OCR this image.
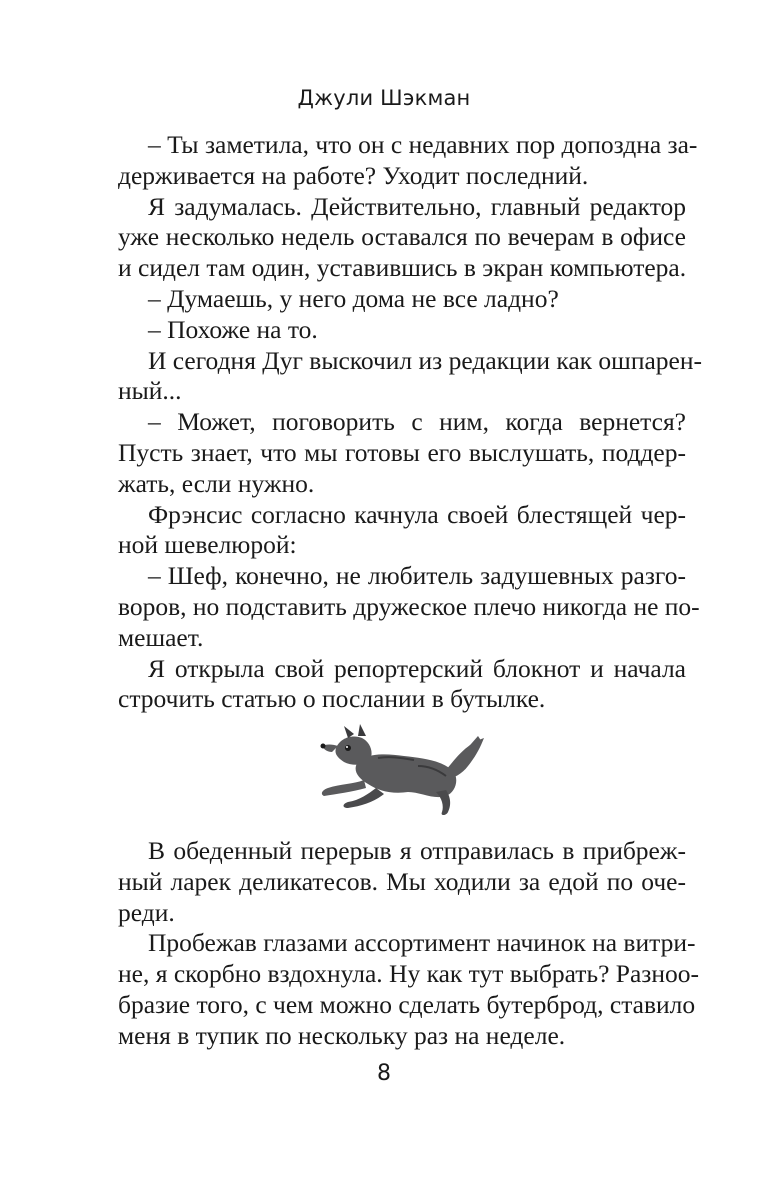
Джули Шэкман
– Ты заметила, что он с недавних пор допоздна за-
держивается на работе? Уходит последний.
Я задумалась. Действительно, главный редактор
уже несколько недель оставался по вечерам в офисе
и сидел там один, уставившись в экран компьютера.
– Думаешь, у него дома не все ладно?
– Похоже на то.
И сегодня Дуг выскочил из редакции как ошпарен-
ный...
– Может, поговорить с ним, когда вернется?
Пусть знает, что мы готовы его выслушать, поддер-
жать, если нужно.
Фрэнсис согласно качнула своей блестящей чер-
ной шевелюрой:
– Шеф, конечно, не любитель задушевных разго-
воров, но подставить дружеское плечо никогда не по-
мешает.
Я открыла свой репортерский блокнот и начала
строчить статью о послании в бутылке.
В обеденный перерыв я отправилась в прибреж-
ный ларек деликатесов. Мы ходили за едой по оче-
реди.
Пробежав глазами ассортимент начинок на витри-
не, я скорбно вздохнула. Ну как тут выбрать? Разноо-
бразие того, с чем можно сделать бутерброд, ставило
меня в тупик по нескольку раз на неделе.
8
